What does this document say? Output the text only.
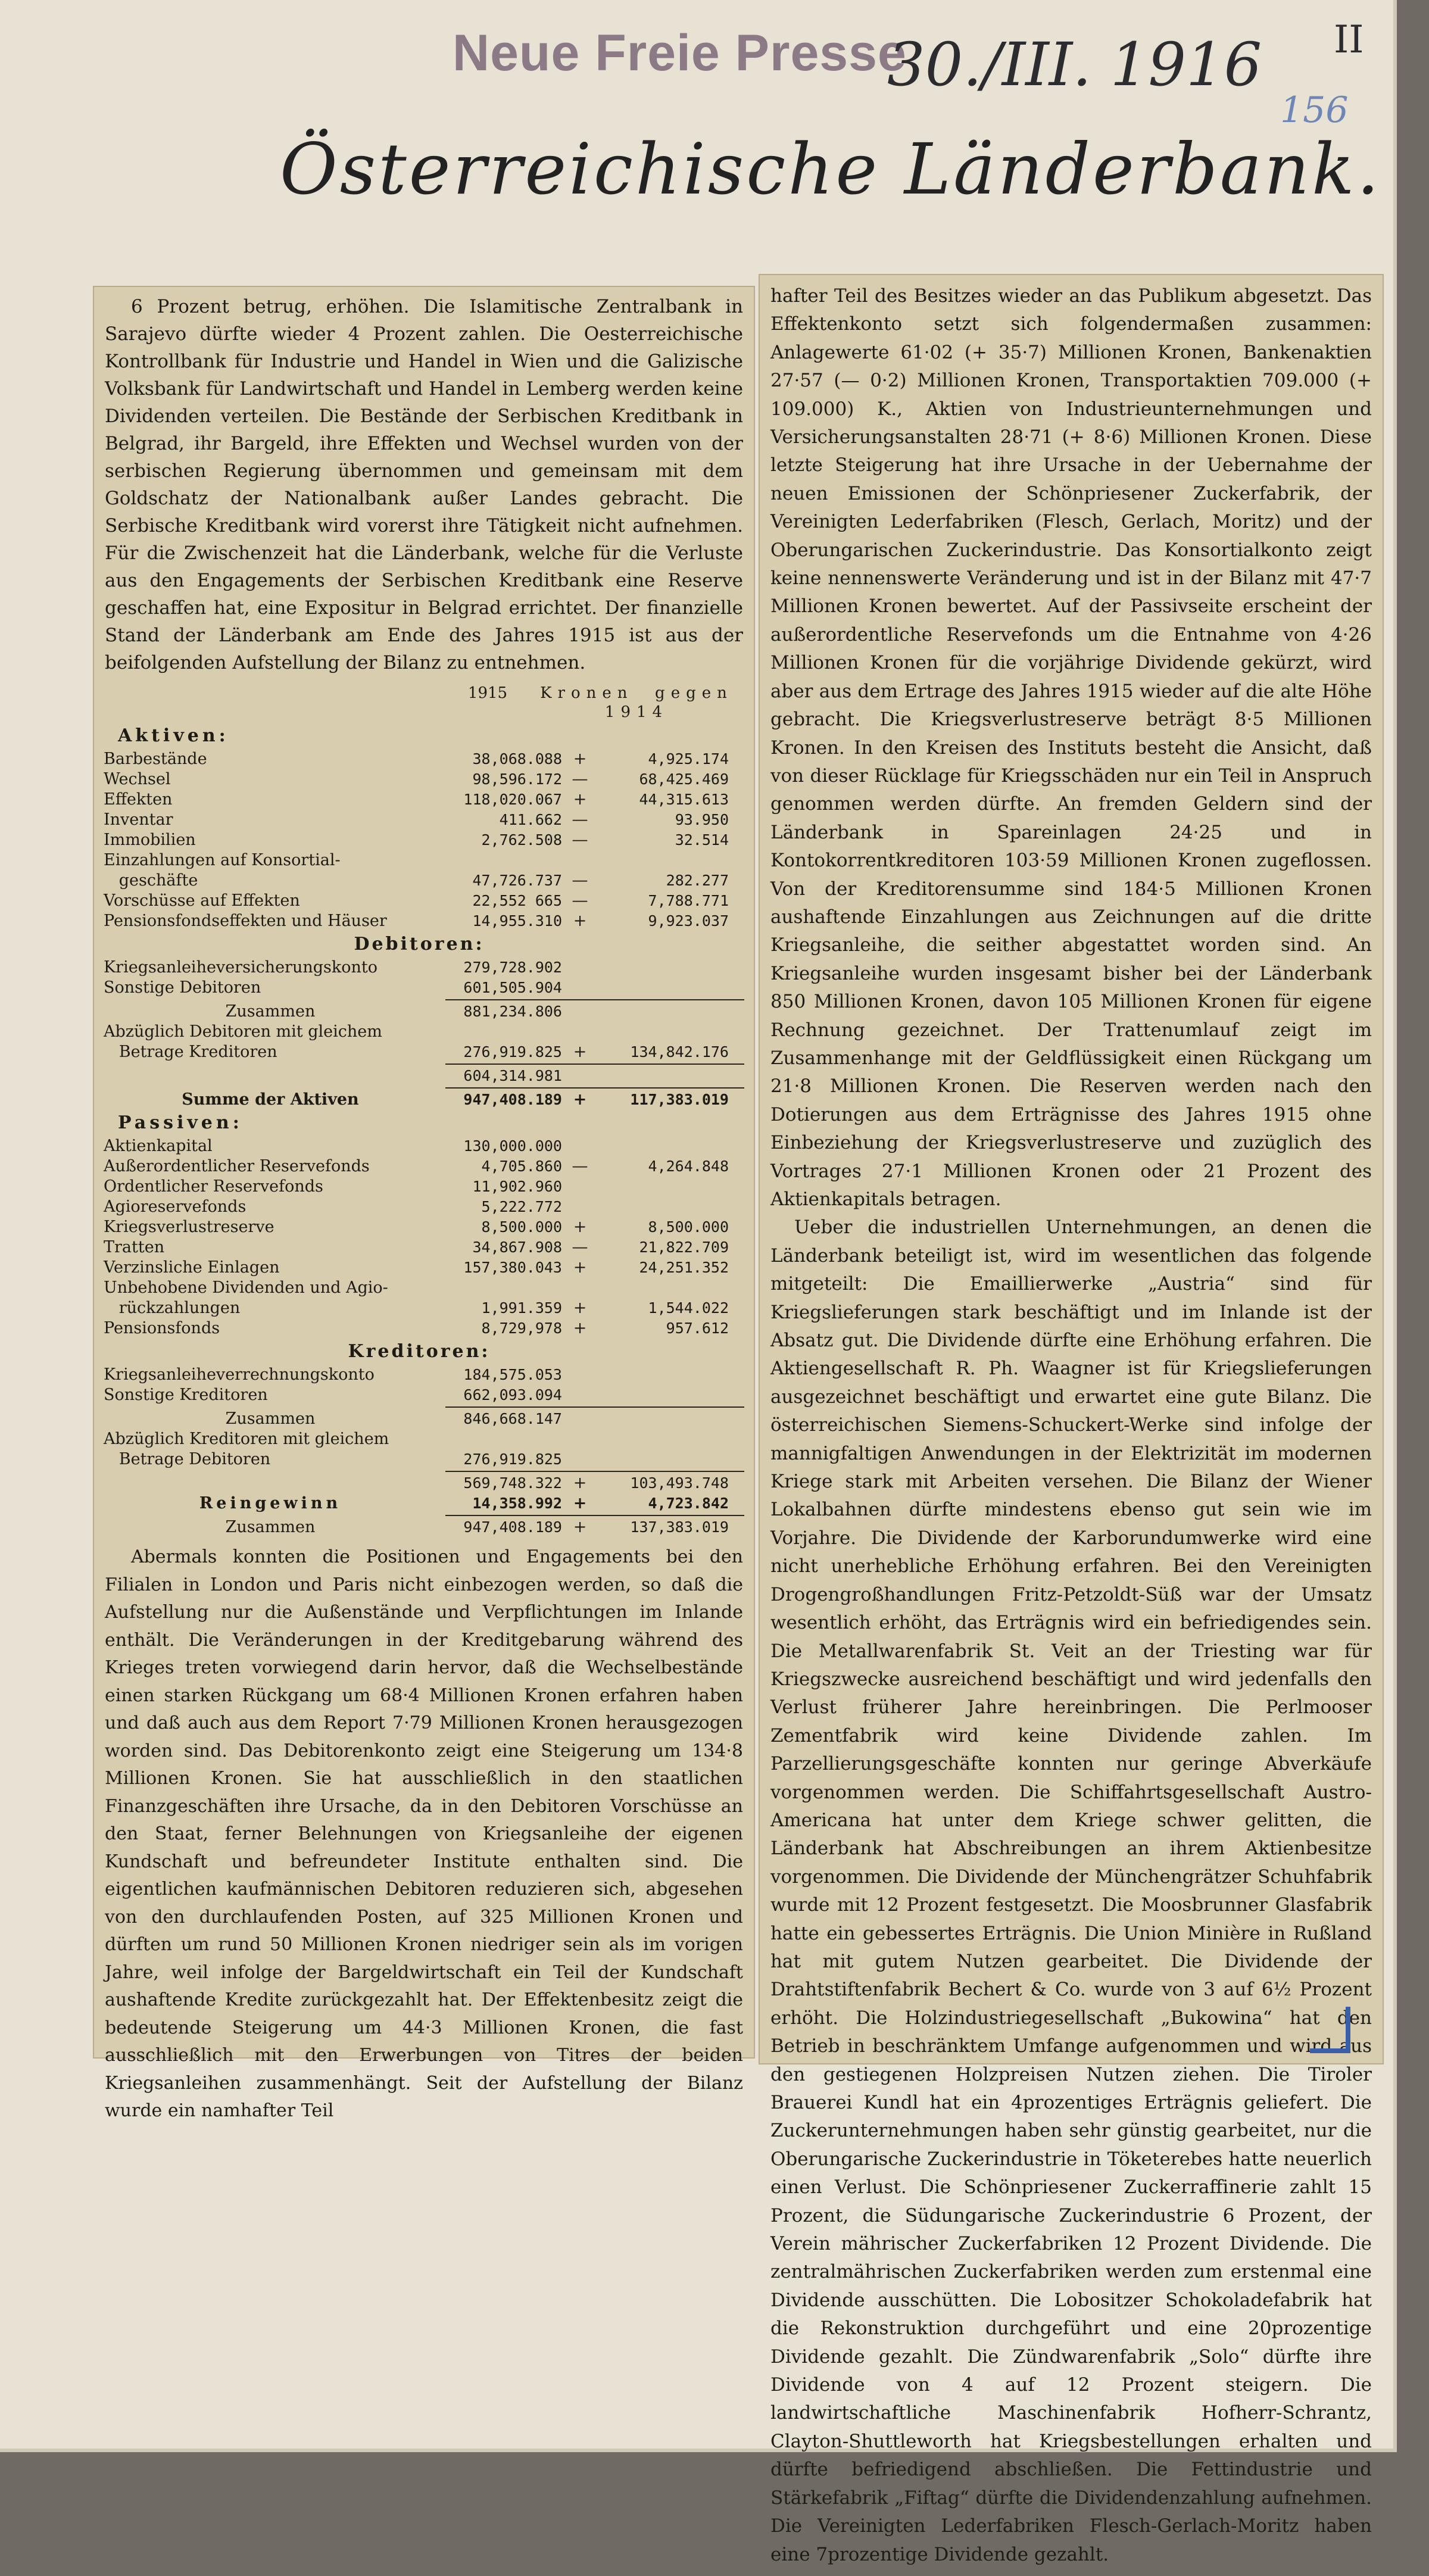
Neue Freie Presse
30./III. 1916 II
156
Österreichische Länderbank.

6 Prozent betrug, erhöhen. Die Islamitische Zentralbank in Sarajevo dürfte wieder 4 Prozent zahlen. Die Oesterreichische Kontrollbank für Industrie und Handel in Wien und die Galizische Volksbank für Landwirtschaft und Handel in Lemberg werden keine Dividenden verteilen. Die Bestände der Serbischen Kreditbank in Belgrad, ihr Bargeld, ihre Effekten und Wechsel wurden von der serbischen Regierung übernommen und gemeinsam mit dem Goldschatz der Nationalbank außer Landes gebracht. Die Serbische Kreditbank wird vorerst ihre Tätigkeit nicht aufnehmen. Für die Zwischenzeit hat die Länderbank, welche für die Verluste aus den Engagements der Serbischen Kreditbank eine Reserve geschaffen hat, eine Expositur in Belgrad errichtet. Der finanzielle Stand der Länderbank am Ende des Jahres 1915 ist aus der beifolgenden Aufstellung der Bilanz zu entnehmen.

1915	Kronen gegen 1914
Aktiven:
Barbestände	38,068.088 +	4,925.174
Wechsel	98,596.172 —	68,425.469
Effekten	118,020.067 +	44,315.613
Inventar	411.662 —	93.950
Immobilien	2,762.508 —	32.514
Einzahlungen auf Konsortial-
geschäfte	47,726.737 —	282.277
Vorschüsse auf Effekten	22,552 665 —	7,788.771
Pensionsfondseffekten und Häuser	14,955.310 +	9,923.037
Debitoren:
Kriegsanleiheversicherungskonto	279,728.902
Sonstige Debitoren	601,505.904
Zusammen	881,234.806
Abzüglich Debitoren mit gleichem
Betrage Kreditoren	276,919.825 +	134,842.176
604,314.981
Summe der Aktiven	947,408.189 +	117,383.019
Passiven:
Aktienkapital	130,000.000
Außerordentlicher Reservefonds	4,705.860 —	4,264.848
Ordentlicher Reservefonds	11,902.960
Agioreservefonds	5,222.772
Kriegsverlustreserve	8,500.000 +	8,500.000
Tratten	34,867.908 —	21,822.709
Verzinsliche Einlagen	157,380.043 +	24,251.352
Unbehobene Dividenden und Agio-
rückzahlungen	1,991.359 +	1,544.022
Pensionsfonds	8,729,978 +	957.612
Kreditoren:
Kriegsanleiheverrechnungskonto	184,575.053
Sonstige Kreditoren	662,093.094
Zusammen	846,668.147
Abzüglich Kreditoren mit gleichem
Betrage Debitoren	276,919.825
569,748.322 +	103,493.748
Reingewinn	14,358.992 +	4,723.842
Zusammen	947,408.189 +	137,383.019

Abermals konnten die Positionen und Engagements bei den Filialen in London und Paris nicht einbezogen werden, so daß die Aufstellung nur die Außenstände und Verpflichtungen im Inlande enthält. Die Veränderungen in der Kreditgebarung während des Krieges treten vorwiegend darin hervor, daß die Wechselbestände einen starken Rückgang um 68·4 Millionen Kronen erfahren haben und daß auch aus dem Report 7·79 Millionen Kronen herausgezogen worden sind. Das Debitorenkonto zeigt eine Steigerung um 134·8 Millionen Kronen. Sie hat ausschließlich in den staatlichen Finanzgeschäften ihre Ursache, da in den Debitoren Vorschüsse an den Staat, ferner Belehnungen von Kriegsanleihe der eigenen Kundschaft und befreundeter Institute enthalten sind. Die eigentlichen kaufmännischen Debitoren reduzieren sich, abgesehen von den durchlaufenden Posten, auf 325 Millionen Kronen und dürften um rund 50 Millionen Kronen niedriger sein als im vorigen Jahre, weil infolge der Bargeldwirtschaft ein Teil der Kundschaft aushaftende Kredite zurückgezahlt hat. Der Effektenbesitz zeigt die bedeutende Steigerung um 44·3 Millionen Kronen, die fast ausschließlich mit den Erwerbungen von Titres der beiden Kriegsanleihen zusammenhängt. Seit der Aufstellung der Bilanz wurde ein namhafter Teil

hafter Teil des Besitzes wieder an das Publikum abgesetzt. Das Effektenkonto setzt sich folgendermaßen zusammen: Anlagewerte 61·02 (+ 35·7) Millionen Kronen, Bankenaktien 27·57 (— 0·2) Millionen Kronen, Transportaktien 709.000 (+ 109.000) K., Aktien von Industrieunternehmungen und Versicherungsanstalten 28·71 (+ 8·6) Millionen Kronen. Diese letzte Steigerung hat ihre Ursache in der Uebernahme der neuen Emissionen der Schönpriesener Zuckerfabrik, der Vereinigten Lederfabriken (Flesch, Gerlach, Moritz) und der Oberungarischen Zuckerindustrie. Das Konsortialkonto zeigt keine nennenswerte Veränderung und ist in der Bilanz mit 47·7 Millionen Kronen bewertet. Auf der Passivseite erscheint der außerordentliche Reservefonds um die Entnahme von 4·26 Millionen Kronen für die vorjährige Dividende gekürzt, wird aber aus dem Ertrage des Jahres 1915 wieder auf die alte Höhe gebracht. Die Kriegsverlustreserve beträgt 8·5 Millionen Kronen. In den Kreisen des Instituts besteht die Ansicht, daß von dieser Rücklage für Kriegsschäden nur ein Teil in Anspruch genommen werden dürfte. An fremden Geldern sind der Länderbank in Spareinlagen 24·25 und in Kontokorrentkreditoren 103·59 Millionen Kronen zugeflossen. Von der Kreditorensumme sind 184·5 Millionen Kronen aushaftende Einzahlungen aus Zeichnungen auf die dritte Kriegsanleihe, die seither abgestattet worden sind. An Kriegsanleihe wurden insgesamt bisher bei der Länderbank 850 Millionen Kronen, davon 105 Millionen Kronen für eigene Rechnung gezeichnet. Der Trattenumlauf zeigt im Zusammenhange mit der Geldflüssigkeit einen Rückgang um 21·8 Millionen Kronen. Die Reserven werden nach den Dotierungen aus dem Erträgnisse des Jahres 1915 ohne Einbeziehung der Kriegsverlustreserve und zuzüglich des Vortrages 27·1 Millionen Kronen oder 21 Prozent des Aktienkapitals betragen.

Ueber die industriellen Unternehmungen, an denen die Länderbank beteiligt ist, wird im wesentlichen das folgende mitgeteilt: Die Emaillierwerke „Austria“ sind für Kriegslieferungen stark beschäftigt und im Inlande ist der Absatz gut. Die Dividende dürfte eine Erhöhung erfahren. Die Aktiengesellschaft R. Ph. Waagner ist für Kriegslieferungen ausgezeichnet beschäftigt und erwartet eine gute Bilanz. Die österreichischen Siemens-Schuckert-Werke sind infolge der mannigfaltigen Anwendungen in der Elektrizität im modernen Kriege stark mit Arbeiten versehen. Die Bilanz der Wiener Lokalbahnen dürfte mindestens ebenso gut sein wie im Vorjahre. Die Dividende der Karborundumwerke wird eine nicht unerhebliche Erhöhung erfahren. Bei den Vereinigten Drogengroßhandlungen Fritz-Petzoldt-Süß war der Umsatz wesentlich erhöht, das Erträgnis wird ein befriedigendes sein. Die Metallwarenfabrik St. Veit an der Triesting war für Kriegszwecke ausreichend beschäftigt und wird jedenfalls den Verlust früherer Jahre hereinbringen. Die Perlmooser Zementfabrik wird keine Dividende zahlen. Im Parzellierungsgeschäfte konnten nur geringe Abverkäufe vorgenommen werden. Die Schiffahrtsgesellschaft Austro-Americana hat unter dem Kriege schwer gelitten, die Länderbank hat Abschreibungen an ihrem Aktienbesitze vorgenommen. Die Dividende der Münchengrätzer Schuhfabrik wurde mit 12 Prozent festgesetzt. Die Moosbrunner Glasfabrik hatte ein gebessertes Erträgnis. Die Union Minière in Rußland hat mit gutem Nutzen gearbeitet. Die Dividende der Drahtstiftenfabrik Bechert & Co. wurde von 3 auf 6½ Prozent erhöht. Die Holzindustriegesellschaft „Bukowina“ hat den Betrieb in beschränktem Umfange aufgenommen und wird aus den gestiegenen Holzpreisen Nutzen ziehen. Die Tiroler Brauerei Kundl hat ein 4prozentiges Erträgnis geliefert. Die Zuckerunternehmungen haben sehr günstig gearbeitet, nur die Oberungarische Zuckerindustrie in Töketerebes hatte neuerlich einen Verlust. Die Schönpriesener Zuckerraffinerie zahlt 15 Prozent, die Südungarische Zuckerindustrie 6 Prozent, der Verein mährischer Zuckerfabriken 12 Prozent Dividende. Die zentralmährischen Zuckerfabriken werden zum erstenmal eine Dividende ausschütten. Die Lobositzer Schokoladefabrik hat die Rekonstruktion durchgeführt und eine 20prozentige Dividende gezahlt. Die Zündwarenfabrik „Solo“ dürfte ihre Dividende von 4 auf 12 Prozent steigern. Die landwirtschaftliche Maschinenfabrik Hofherr-Schrantz, Clayton-Shuttleworth hat Kriegsbestellungen erhalten und dürfte befriedigend abschließen. Die Fettindustrie und Stärkefabrik „Fiftag“ dürfte die Dividendenzahlung aufnehmen. Die Vereinigten Lederfabriken Flesch-Gerlach-Moritz haben eine 7prozentige Dividende gezahlt.
